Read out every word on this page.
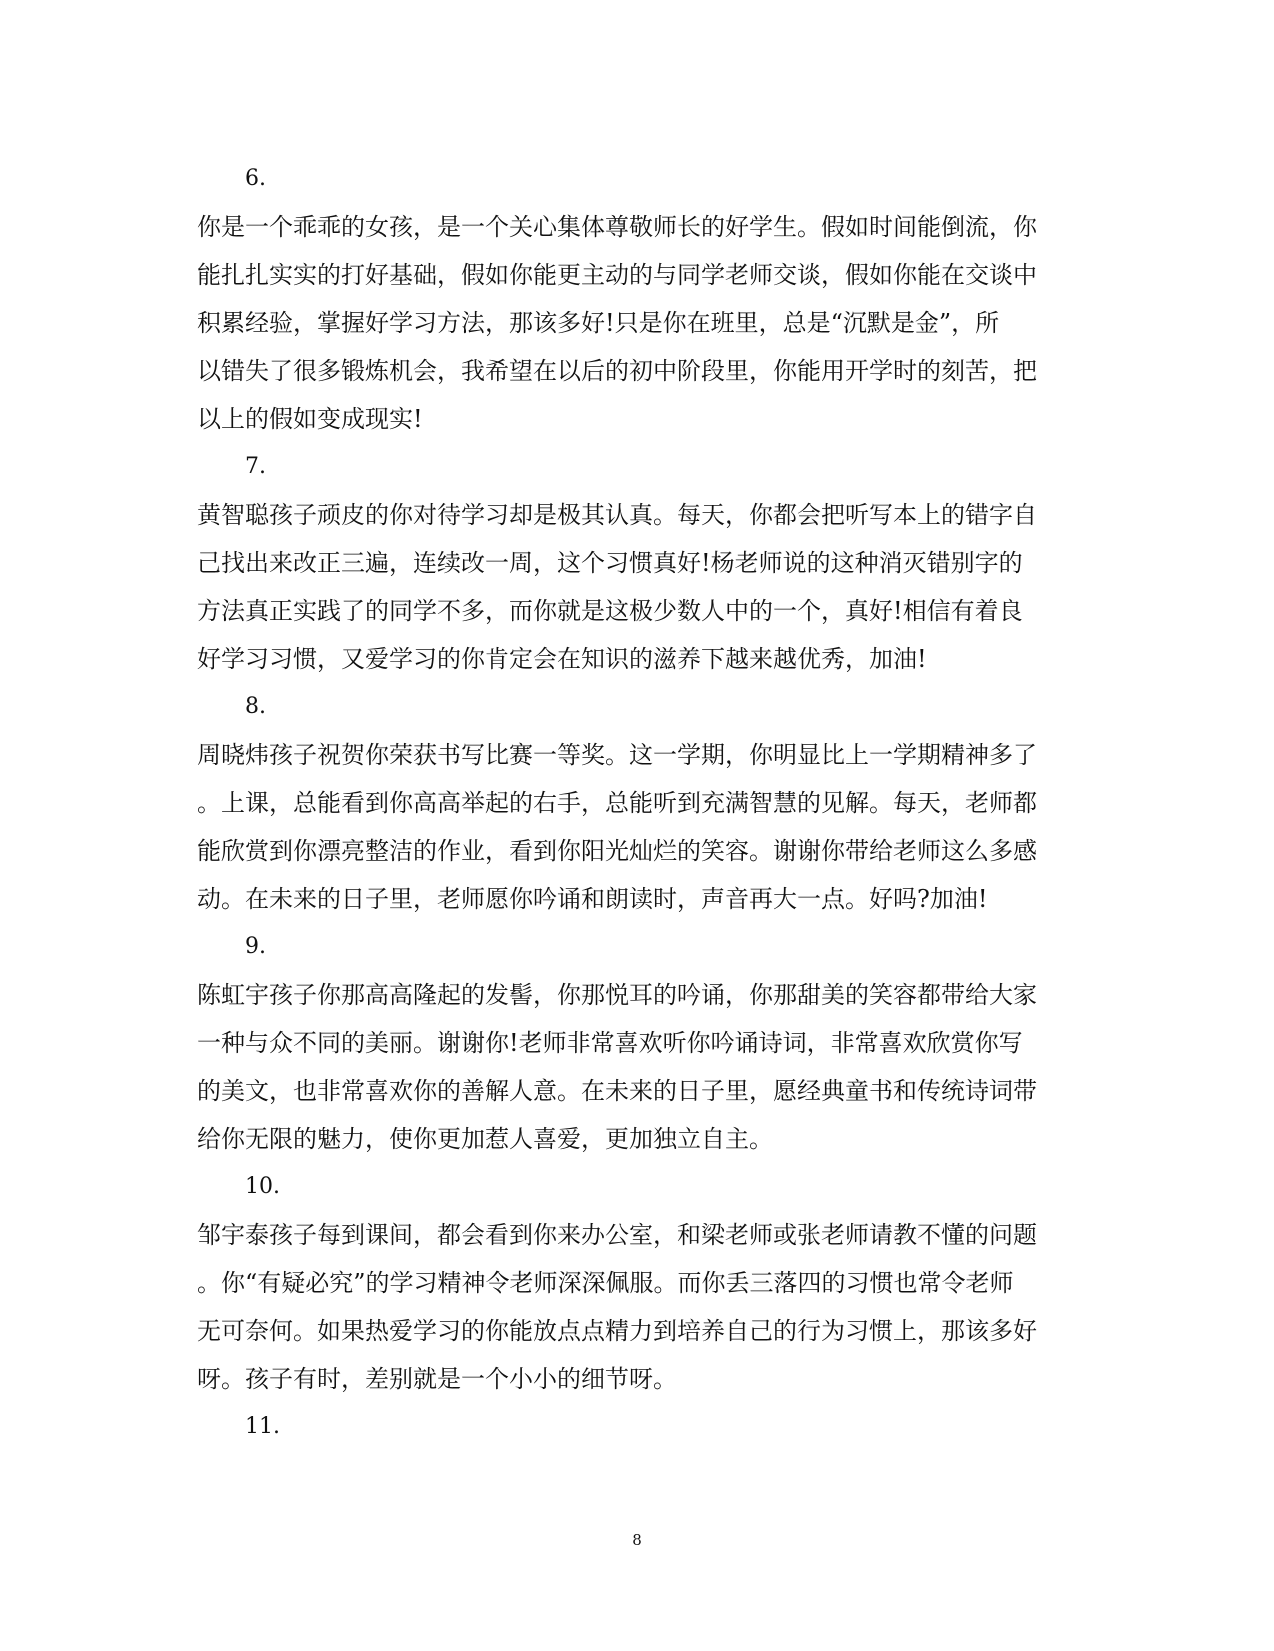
6.

你是一个乖乖的女孩，是一个关心集体尊敬师长的好学生。假如时间能倒流，你
能扎扎实实的打好基础，假如你能更主动的与同学老师交谈，假如你能在交谈中
积累经验，掌握好学习方法，那该多好!只是你在班里，总是“沉默是金”，所
以错失了很多锻炼机会，我希望在以后的初中阶段里，你能用开学时的刻苦，把
以上的假如变成现实!

7.

黄智聪孩子顽皮的你对待学习却是极其认真。每天，你都会把听写本上的错字自
己找出来改正三遍，连续改一周，这个习惯真好!杨老师说的这种消灭错别字的
方法真正实践了的同学不多，而你就是这极少数人中的一个，真好!相信有着良
好学习习惯，又爱学习的你肯定会在知识的滋养下越来越优秀，加油!

8.

周晓炜孩子祝贺你荣获书写比赛一等奖。这一学期，你明显比上一学期精神多了
。上课，总能看到你高高举起的右手，总能听到充满智慧的见解。每天，老师都
能欣赏到你漂亮整洁的作业，看到你阳光灿烂的笑容。谢谢你带给老师这么多感
动。在未来的日子里，老师愿你吟诵和朗读时，声音再大一点。好吗?加油!

9.

陈虹宇孩子你那高高隆起的发髻，你那悦耳的吟诵，你那甜美的笑容都带给大家
一种与众不同的美丽。谢谢你!老师非常喜欢听你吟诵诗词，非常喜欢欣赏你写
的美文，也非常喜欢你的善解人意。在未来的日子里，愿经典童书和传统诗词带
给你无限的魅力，使你更加惹人喜爱，更加独立自主。

10.

邹宇泰孩子每到课间，都会看到你来办公室，和梁老师或张老师请教不懂的问题
。你“有疑必究”的学习精神令老师深深佩服。而你丢三落四的习惯也常令老师
无可奈何。如果热爱学习的你能放点点精力到培养自己的行为习惯上，那该多好
呀。孩子有时，差别就是一个小小的细节呀。

11.

8
